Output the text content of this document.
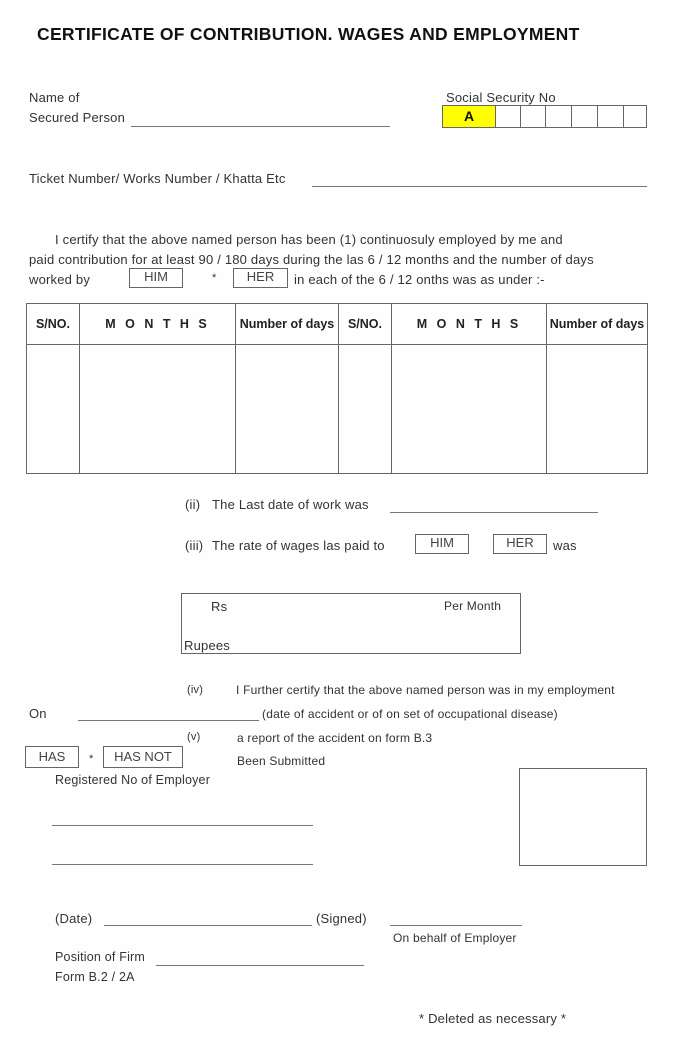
CERTIFICATE OF CONTRIBUTION. WAGES AND EMPLOYMENT
Name of
Secured Person
Social Security No
A
Ticket Number/ Works Number / Khatta Etc
I certify that the above named person has been (1) continuosuly employed by me and
paid contribution for at least 90 / 180 days during the las 6 / 12 months and the number of days
worked by	HIM	*	HER	in each of the 6 / 12 onths was as under :-
S/NO.	M O N T H S	Number of days	S/NO.	M O N T H S	Number of days

(ii) The Last date of work was
(iii) The rate of wages las paid to	HIM	HER	was
Rs	Per Month
Rupees
(iv)	I Further certify that the above named person was in my employment
On	(date of accident or of on set of occupational disease)
(v)	a report of the accident on form B.3
HAS	*	HAS NOT	Been Submitted
Registered No of Employer
(Date)	(Signed)
On behalf of Employer
Position of Firm
Form B.2 / 2A
* Deleted as necessary *
